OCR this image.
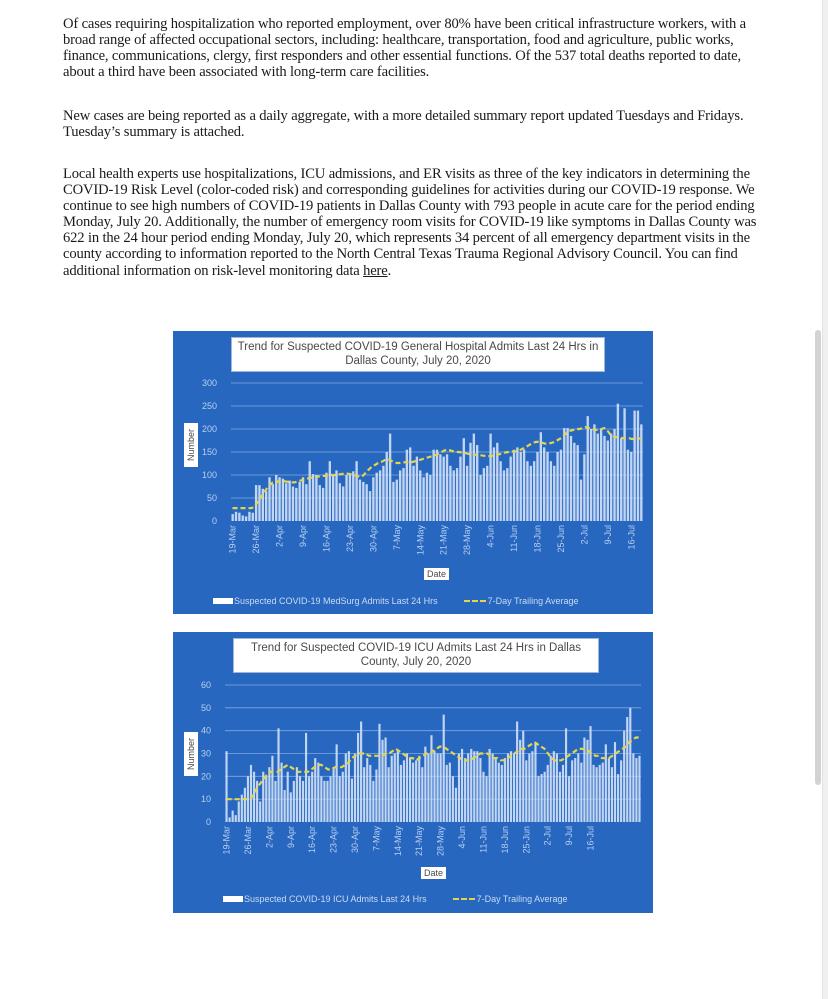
Of cases requiring hospitalization who reported employment, over 80% have been critical infrastructure workers, with a broad range of affected occupational sectors, including: healthcare, transportation, food and agriculture, public works, finance, communications, clergy, first responders and other essential functions. Of the 537 total deaths reported to date, about a third have been associated with long-term care facilities.

New cases are being reported as a daily aggregate, with a more detailed summary report updated Tuesdays and Fridays. Tuesday’s summary is attached.

Local health experts use hospitalizations, ICU admissions, and ER visits as three of the key indicators in determining the COVID-19 Risk Level (color-coded risk) and corresponding guidelines for activities during our COVID-19 response. We continue to see high numbers of COVID-19 patients in Dallas County with 793 people in acute care for the period ending Monday, July 20. Additionally, the number of emergency room visits for COVID-19 like symptoms in Dallas County was 622 in the 24 hour period ending Monday, July 20, which represents 34 percent of all emergency department visits in the county according to information reported to the North Central Texas Trauma Regional Advisory Council. You can find additional information on risk-level monitoring data here.

0
50
100
150
200
250
300
19-Mar 26-Mar 2-Apr 9-Apr 16-Apr 23-Apr 30-Apr 7-May 14-May 21-May 28-May 4-Jun 11-Jun 18-Jun 25-Jun 2-Jul 9-Jul 16-Jul
Trend for Suspected COVID-19 General Hospital Admits Last 24 Hrs in Dallas County, July 20, 2020
Number
Date
Suspected COVID-19 MedSurg Admits Last 24 Hrs	7-Day Trailing Average
0
10
20
30
40
50
60
19-Mar 26-Mar 2-Apr 9-Apr 16-Apr 23-Apr 30-Apr 7-May 14-May 21-May 28-May 4-Jun 11-Jun 18-Jun 25-Jun 2-Jul 9-Jul 16-Jul
Trend for Suspected COVID-19 ICU Admits Last 24 Hrs in Dallas County, July 20, 2020
Number
Date
Suspected COVID-19 ICU Admits Last 24 Hrs	7-Day Trailing Average
